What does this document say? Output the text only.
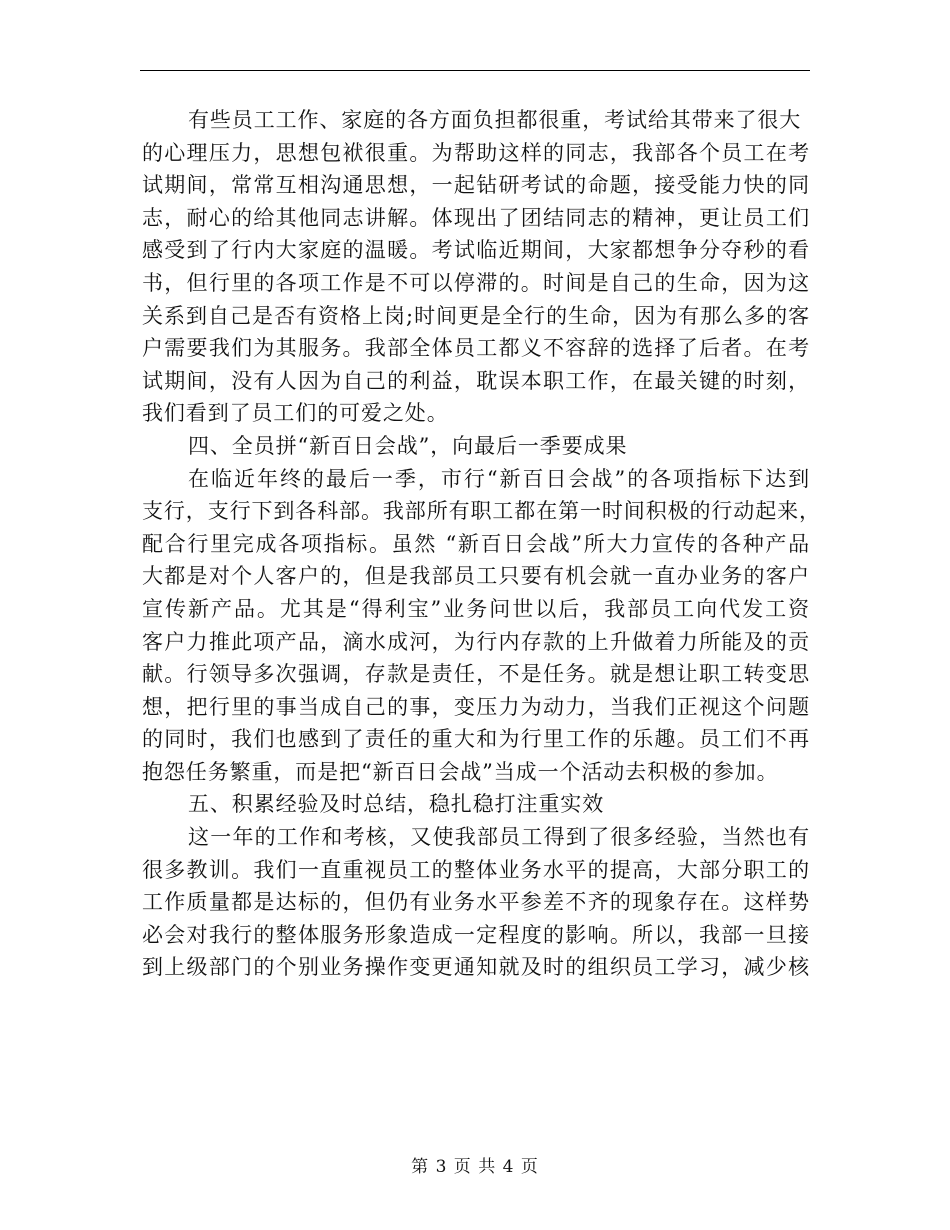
有些员工工作、家庭的各方面负担都很重，考试给其带来了很大
的心理压力，思想包袱很重。为帮助这样的同志，我部各个员工在考
试期间，常常互相沟通思想，一起钻研考试的命题，接受能力快的同
志，耐心的给其他同志讲解。体现出了团结同志的精神，更让员工们
感受到了行内大家庭的温暖。考试临近期间，大家都想争分夺秒的看
书，但行里的各项工作是不可以停滞的。时间是自己的生命，因为这
关系到自己是否有资格上岗;时间更是全行的生命，因为有那么多的客
户需要我们为其服务。我部全体员工都义不容辞的选择了后者。在考
试期间，没有人因为自己的利益，耽误本职工作，在最关键的时刻，
我们看到了员工们的可爱之处。
四、全员拼“新百日会战”，向最后一季要成果
在临近年终的最后一季，市行“新百日会战”的各项指标下达到
支行，支行下到各科部。我部所有职工都在第一时间积极的行动起来，
配合行里完成各项指标。虽然 “新百日会战”所大力宣传的各种产品
大都是对个人客户的，但是我部员工只要有机会就一直办业务的客户
宣传新产品。尤其是“得利宝”业务问世以后，我部员工向代发工资
客户力推此项产品，滴水成河，为行内存款的上升做着力所能及的贡
献。行领导多次强调，存款是责任，不是任务。就是想让职工转变思
想，把行里的事当成自己的事，变压力为动力，当我们正视这个问题
的同时，我们也感到了责任的重大和为行里工作的乐趣。员工们不再
抱怨任务繁重，而是把“新百日会战”当成一个活动去积极的参加。
五、积累经验及时总结，稳扎稳打注重实效
这一年的工作和考核，又使我部员工得到了很多经验，当然也有
很多教训。我们一直重视员工的整体业务水平的提高，大部分职工的
工作质量都是达标的，但仍有业务水平参差不齐的现象存在。这样势
必会对我行的整体服务形象造成一定程度的影响。所以，我部一旦接
到上级部门的个别业务操作变更通知就及时的组织员工学习，减少核
第 3 页 共 4 页
